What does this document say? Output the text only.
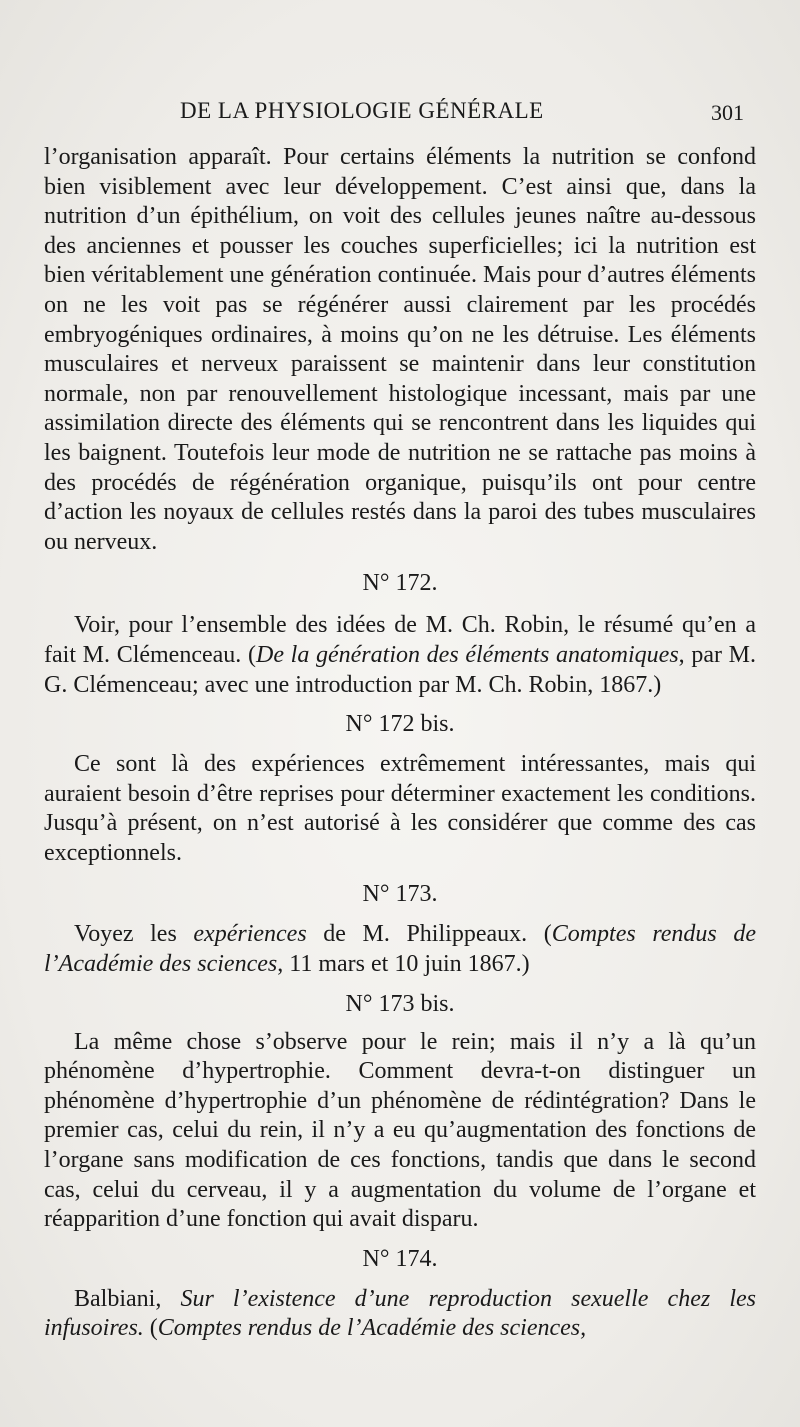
DE LA PHYSIOLOGIE GÉNÉRALE	301

l’organisation apparaît. Pour certains éléments la nutrition se confond bien visiblement avec leur développement. C’est ainsi que, dans la nutrition d’un épithélium, on voit des cellules jeunes naître au-dessous des anciennes et pousser les couches superficielles; ici la nutrition est bien véritablement une génération continuée. Mais pour d’autres éléments on ne les voit pas se régénérer aussi clairement par les procédés embryogéniques ordinaires, à moins qu’on ne les détruise. Les éléments musculaires et nerveux paraissent se maintenir dans leur constitution normale, non par renouvellement histologique incessant, mais par une assimilation directe des éléments qui se rencontrent dans les liquides qui les baignent. Toutefois leur mode de nutrition ne se rattache pas moins à des procédés de régénération organique, puisqu’ils ont pour centre d’action les noyaux de cellules restés dans la paroi des tubes musculaires ou nerveux.

N° 172.

Voir, pour l’ensemble des idées de M. Ch. Robin, le résumé qu’en a fait M. Clémenceau. (De la génération des éléments anatomiques, par M. G. Clémenceau; avec une introduction par M. Ch. Robin, 1867.)

N° 172 bis.

Ce sont là des expériences extrêmement intéressantes, mais qui auraient besoin d’être reprises pour déterminer exactement les conditions. Jusqu’à présent, on n’est autorisé à les considérer que comme des cas exceptionnels.

N° 173.

Voyez les expériences de M. Philippeaux. (Comptes rendus de l’Académie des sciences, 11 mars et 10 juin 1867.)

N° 173 bis.

La même chose s’observe pour le rein; mais il n’y a là qu’un phénomène d’hypertrophie. Comment devra-t-on distinguer un phénomène d’hypertrophie d’un phénomène de rédintégration? Dans le premier cas, celui du rein, il n’y a eu qu’augmentation des fonctions de l’organe sans modification de ces fonctions, tandis que dans le second cas, celui du cerveau, il y a augmentation du volume de l’organe et réapparition d’une fonction qui avait disparu.

N° 174.

Balbiani, Sur l’existence d’une reproduction sexuelle chez les infusoires. (Comptes rendus de l’Académie des sciences,
